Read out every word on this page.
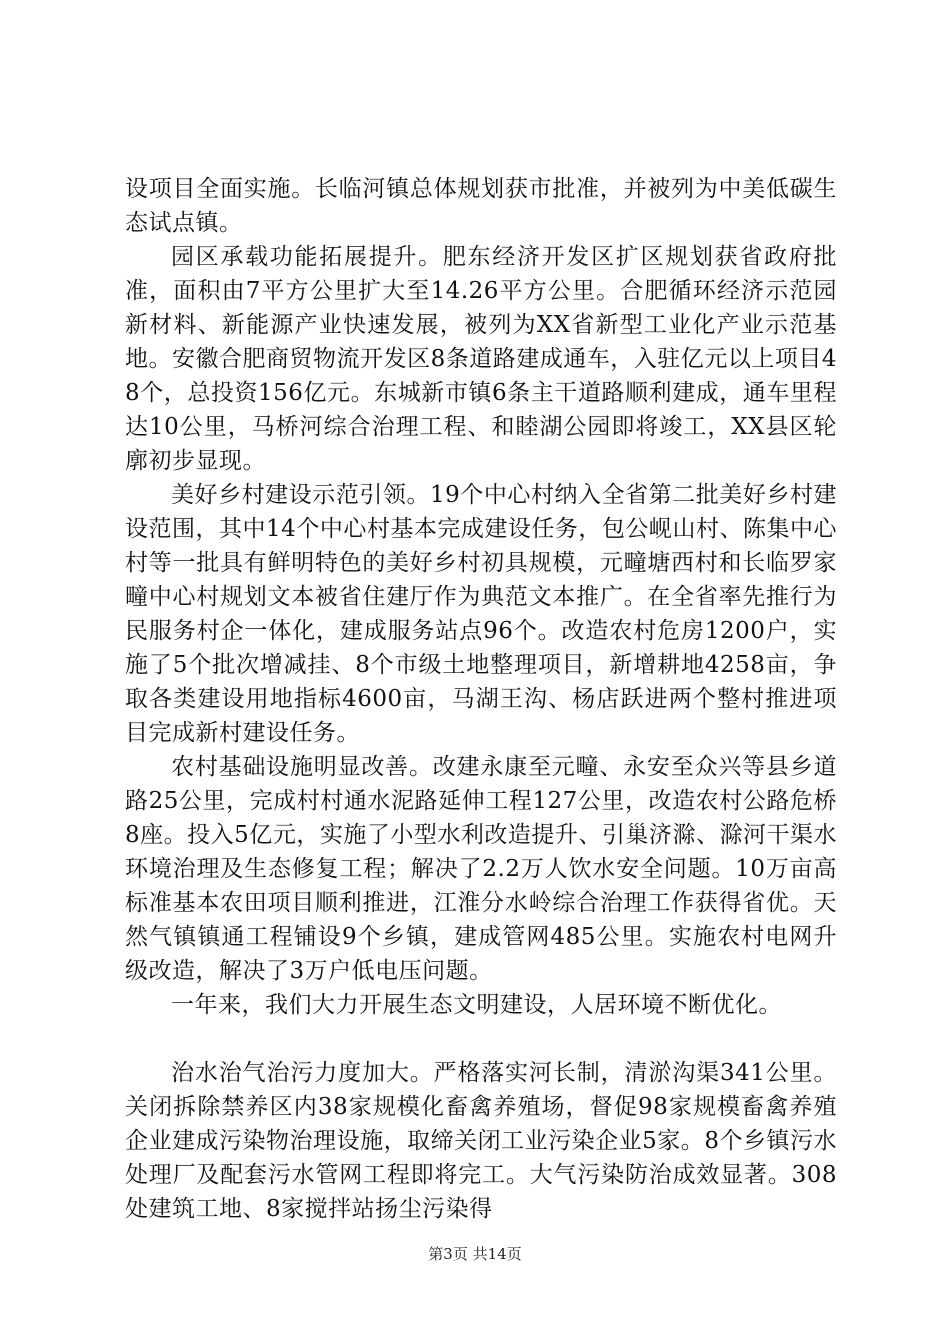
设项目全面实施。长临河镇总体规划获市批准，并被列为中美低碳生态试点镇。

园区承载功能拓展提升。肥东经济开发区扩区规划获省政府批准，面积由7平方公里扩大至14.26平方公里。合肥循环经济示范园新材料、新能源产业快速发展，被列为XX省新型工业化产业示范基地。安徽合肥商贸物流开发区8条道路建成通车，入驻亿元以上项目48个，总投资156亿元。东城新市镇6条主干道路顺利建成，通车里程达10公里，马桥河综合治理工程、和睦湖公园即将竣工，XX县区轮廓初步显现。

美好乡村建设示范引领。19个中心村纳入全省第二批美好乡村建设范围，其中14个中心村基本完成建设任务，包公岘山村、陈集中心村等一批具有鲜明特色的美好乡村初具规模，元疃塘西村和长临罗家疃中心村规划文本被省住建厅作为典范文本推广。在全省率先推行为民服务村企一体化，建成服务站点96个。改造农村危房1200户，实施了5个批次增减挂、8个市级土地整理项目，新增耕地4258亩，争取各类建设用地指标4600亩，马湖王沟、杨店跃进两个整村推进项目完成新村建设任务。

农村基础设施明显改善。改建永康至元疃、永安至众兴等县乡道路25公里，完成村村通水泥路延伸工程127公里，改造农村公路危桥8座。投入5亿元，实施了小型水利改造提升、引巢济滁、滁河干渠水环境治理及生态修复工程；解决了2.2万人饮水安全问题。10万亩高标准基本农田项目顺利推进，江淮分水岭综合治理工作获得省优。天然气镇镇通工程铺设9个乡镇，建成管网485公里。实施农村电网升级改造，解决了3万户低电压问题。

一年来，我们大力开展生态文明建设，人居环境不断优化。

治水治气治污力度加大。严格落实河长制，清淤沟渠341公里。关闭拆除禁养区内38家规模化畜禽养殖场，督促98家规模畜禽养殖企业建成污染物治理设施，取缔关闭工业污染企业5家。8个乡镇污水处理厂及配套污水管网工程即将完工。大气污染防治成效显著。308处建筑工地、8家搅拌站扬尘污染得

第3页 共14页
